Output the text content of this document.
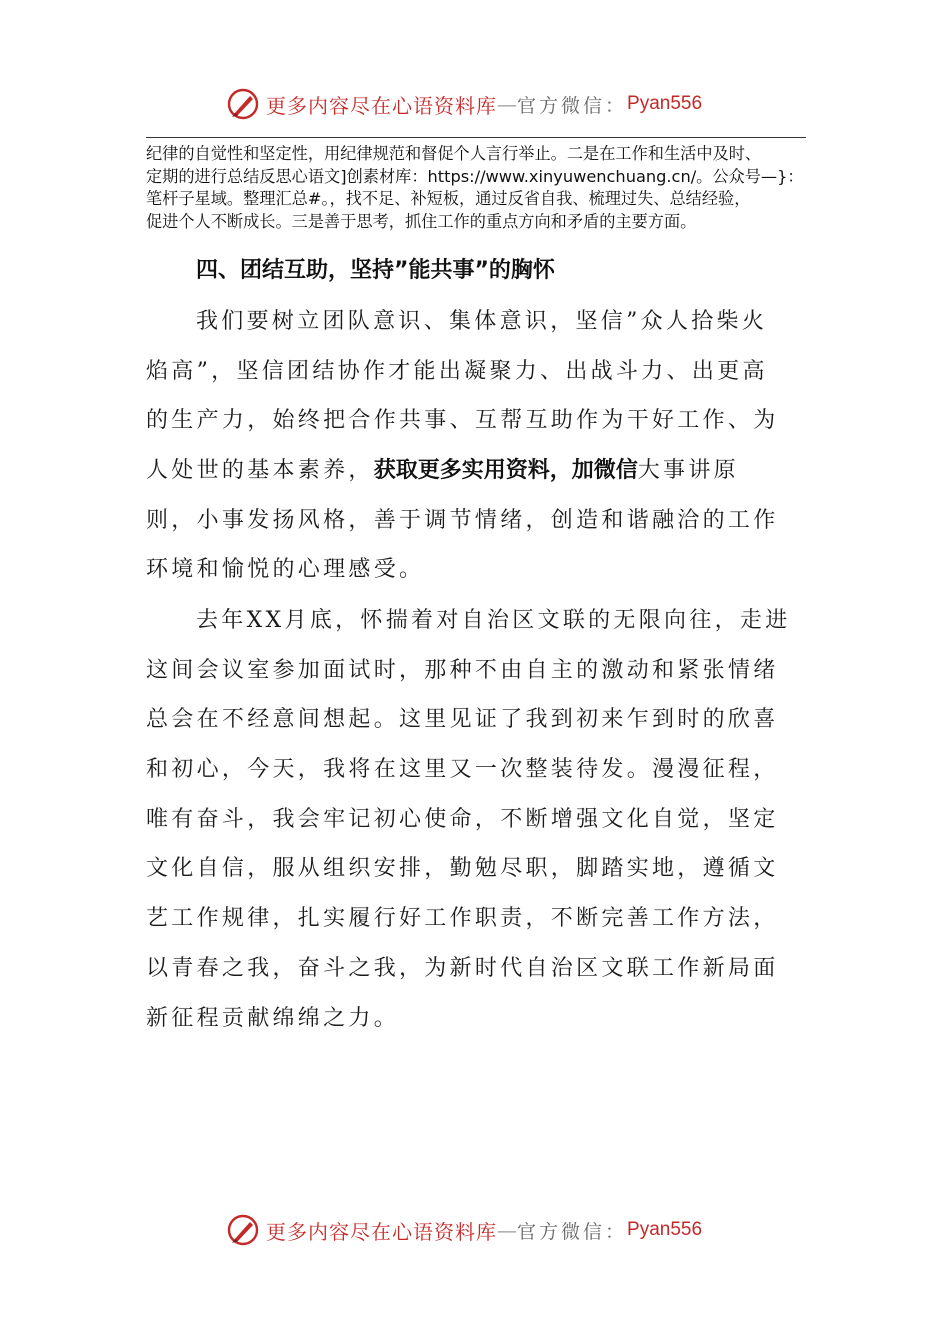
更多内容尽在心语资料库 — 官方微信： Pyan556

纪律的自觉性和坚定性，用纪律规范和督促个人言行举止。二是在工作和生活中及时、

定期的进行总结反思心语文]创素材库：https://www.xinyuwenchuang.cn/。公众号—}：

笔杆子星域。整理汇总#。，找不足、补短板，通过反省自我、梳理过失、总结经验，

促进个人不断成长。三是善于思考，抓住工作的重点方向和矛盾的主要方面。

四、团结互助，坚持”能共事”的胸怀
我们要树立团队意识、集体意识，坚信”众人拾柴火
焰高”，坚信团结协作才能出凝聚力、出战斗力、出更高
的生产力，始终把合作共事、互帮互助作为干好工作、为
人处世的基本素养，获取更多实用资料，加微信大事讲原
则，小事发扬风格，善于调节情绪，创造和谐融洽的工作
环境和愉悦的心理感受。
去年XX月底，怀揣着对自治区文联的无限向往，走进
这间会议室参加面试时，那种不由自主的激动和紧张情绪
总会在不经意间想起。这里见证了我到初来乍到时的欣喜
和初心，今天，我将在这里又一次整装待发。漫漫征程，
唯有奋斗，我会牢记初心使命，不断增强文化自觉，坚定
文化自信，服从组织安排，勤勉尽职，脚踏实地，遵循文
艺工作规律，扎实履行好工作职责，不断完善工作方法，
以青春之我，奋斗之我，为新时代自治区文联工作新局面
新征程贡献绵绵之力。
更多内容尽在心语资料库 — 官方微信： Pyan556
